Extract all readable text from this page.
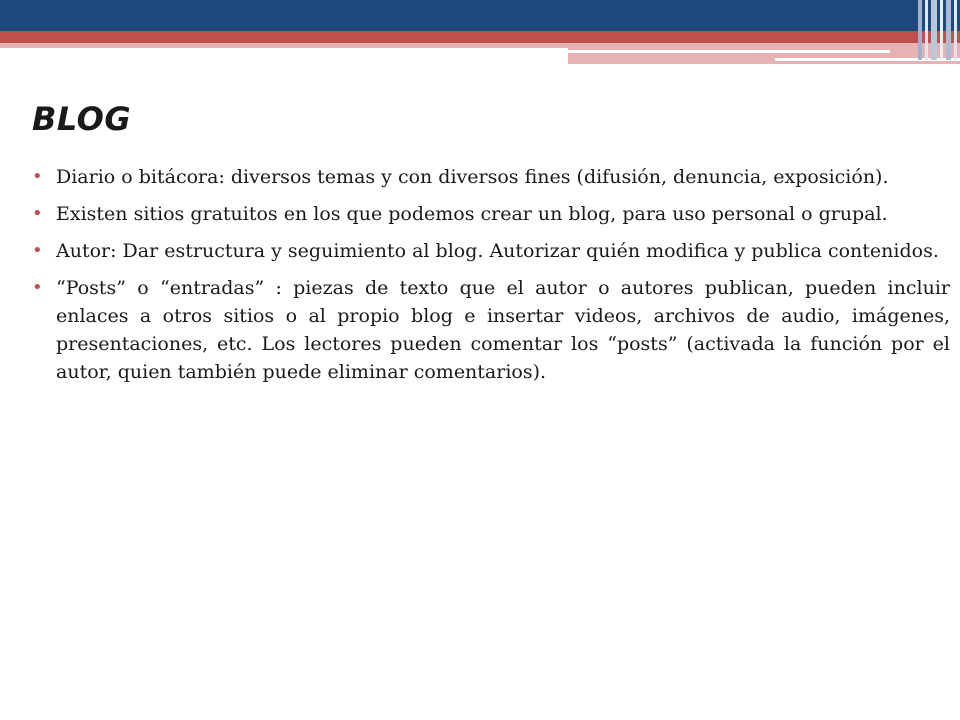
BLOG
• Diario o bitácora: diversos temas y con diversos fines (difusión, denuncia, exposición).
• Existen sitios gratuitos en los que podemos crear un blog, para uso personal o grupal.
• Autor: Dar estructura y seguimiento al blog. Autorizar quién modifica y publica contenidos.
• “Posts” o “entradas” : piezas de texto que el autor o autores publican, pueden incluir enlaces a otros sitios o al propio blog e insertar videos, archivos de audio, imágenes, presentaciones, etc. Los lectores pueden comentar los “posts” (activada la función por el autor, quien también puede eliminar comentarios).
